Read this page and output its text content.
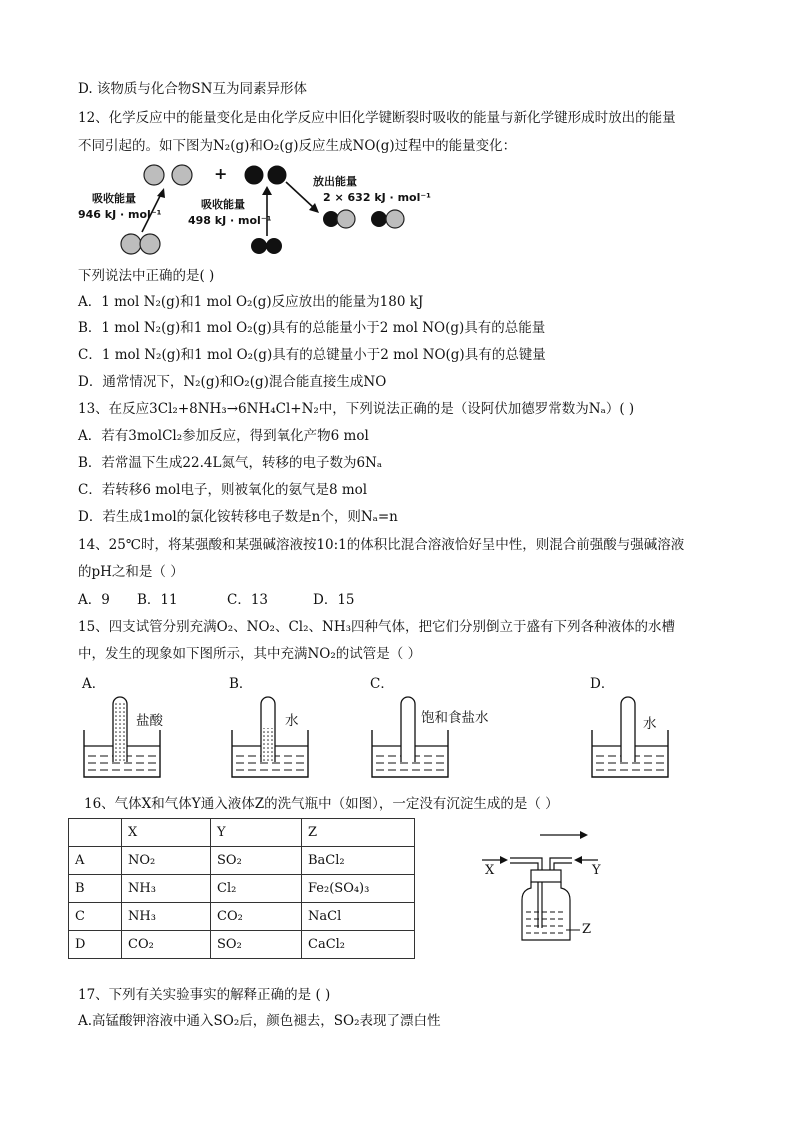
D. 该物质与化合物SN互为同素异形体
12、化学反应中的能量变化是由化学反应中旧化学键断裂时吸收的能量与新化学键形成时放出的能量
不同引起的。如下图为N₂(g)和O₂(g)反应生成NO(g)过程中的能量变化：
+
吸收能量
946 kJ · mol⁻¹
吸收能量
498 kJ · mol⁻¹
放出能量
2 × 632 kJ · mol⁻¹
下列说法中正确的是( )
A．1 mol N₂(g)和1 mol O₂(g)反应放出的能量为180 kJ
B．1 mol N₂(g)和1 mol O₂(g)具有的总能量小于2 mol NO(g)具有的总能量
C．1 mol N₂(g)和1 mol O₂(g)具有的总键量小于2 mol NO(g)具有的总键量
D．通常情况下，N₂(g)和O₂(g)混合能直接生成NO
13、在反应3Cl₂+8NH₃→6NH₄Cl+N₂中，下列说法正确的是（设阿伏加德罗常数为Nₐ）( )
A．若有3molCl₂参加反应，得到氧化产物6 mol
B．若常温下生成22.4L氮气，转移的电子数为6Nₐ
C．若转移6 mol电子，则被氧化的氨气是8 mol
D．若生成1mol的氯化铵转移电子数是n个，则Nₐ=n
14、25℃时，将某强酸和某强碱溶液按10:1的体积比混合溶液恰好呈中性，则混合前强酸与强碱溶液
的pH之和是（ ）
A．9 B．11	C．13	D．15
15、四支试管分别充满O₂、NO₂、Cl₂、NH₃四种气体，把它们分别倒立于盛有下列各种液体的水槽
中，发生的现象如下图所示，其中充满NO₂的试管是（ ）
A．	B．	C．	D．
盐酸	水	饱和食盐水	水
16、气体X和气体Y通入液体Z的洗气瓶中（如图），一定没有沉淀生成的是（ ）
	X	Y	Z
A	NO₂	SO₂	BaCl₂
B	NH₃	Cl₂	Fe₂(SO₄)₃
C	NH₃	CO₂	NaCl
D	CO₂	SO₂	CaCl₂
X	Y
Z
17、下列有关实验事实的解释正确的是 ( )
A.高锰酸钾溶液中通入SO₂后，颜色褪去，SO₂表现了漂白性
